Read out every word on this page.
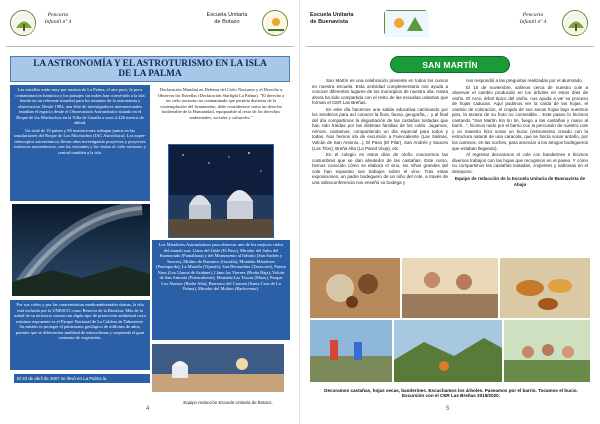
Pencarta
Infantil nº 4
Escuela Unitaria
de Botazo
LA ASTRONOMÍA Y EL ASTROTURISMO EN LA ISLA
DE LA PALMA
Las estrellas están muy por encima de La Palma, el aire puro, la poca contaminación lumínica y los paisajes sin nubes han convertido a la isla bonita en un referente mundial para los amantes de la astronomía y observación. Desde 1984, una élite de investigadores internacionales estudian el espacio desde el Observatorio Astronómico situado en el Roque de los Muchachos en la Villa de Garafía a unos 2.426 metros de altitud.
Un total de 19 países y 60 instituciones trabajan juntos en las instalaciones del Roque de Los Muchachos (IAC Astrofísica). Los super-telescopios astronómicos llevan años investigando proyectos y proyectos turísticos astronómicos, con los visitantes y las visitas al cielo nocturno y central también a la isla.
Declaración Mundial en Defensa del Cielo Nocturno y el Derecho a Observar las Estrellas (Declaración Starlight La Palma). "El derecho a un cielo nocturno no contaminado que permita disfrutar de la contemplación del firmamento, debe considerarse como un derecho inalienable de la Humanidad, equiparable al resto de los derechos ambientales, sociales y culturales."
Los Miradores Astronómicos para observar uno de los mejores cielos del mundo son: Llano del Jable (El Paso), Mirador del Salto del Enamorado (Puntallana) y del Monumento al Infinito (San Andrés y Sauces), Molino de Barranco (Garafía), Montaña Miradores (Puntagorda), La Muralla (Tijarafe), San Bernardino (Tazacorte), Puerto Naos (Los Llanos de Aridane), Llano los Viernes (Breña Baja), Volcán de San Antonio (Fuencaliente), Montaña Las Toscas (Mazo), Parque Los Alamos (Breña Alta), Barranco del Carmen (Santa Cruz de La Palma), Mirador del Molino (Barlovento).
Por sus cielos y por las características medioambientales únicas, la isla está incluida por la UNESCO como Reserva de la Biosfera. Más de la mitad de su territorio cuenta con algún tipo de protección ambiental cuyo máximo exponente es el Parque Nacional de La Caldera de Taburiente. Su misión es proteger el patrimonio geológico de millones de años, permite que se diferencien multitud de microclimas y sorprenda el gran contraste de vegetación.
El 20 de abril de 2007 se llevó en La Palma la
Equipo redacción Escuela Unitaria de Botazo.
4
Escuela Unitaria
de Buenavista
Pencarta
Infantil nº 4
SAN MARTÍN

San Martín es una celebración presente en todos los cursos en nuestra escuela. Esta actividad complementaria nos ayuda a conocer diferentes lugares de los municipios de nuestra isla. Hasta ahora ha sido compartida con el resto de las escuelas unitarias que forman el CER Las Breñas.

En este día hacemos una salida educativa caminando por los senderos para así conocer la flora, fauna, geografía,... y al final del día compartimos la degustación de las castañas tostadas que han sido traídas por las distintas familias de los colés. Jugamos, reímos, cantamos, compartiendo un día especial para todos y todas. Nos hemos ido de excursión a Fuencaliente (Las Salinas, Volcán de San Antonio...), El Paso (El Pilar), San Andrés y Sauces (Los Tilos), Breña Alta (La Pared Vieja), etc.

En el colegio en estos días de otoño conocemos las costumbres que se dan alrededor de las castañas. Este curso, hemos conocido cómo se elabora el vino, los niños grandes del cole han expuesto sus trabajos sobre el vino. Tras estas exposiciones, un padre bodeguero de un niño del cole, a través de una videoconferencia nos enseñó su bodega y

nos respondió a las preguntas realizadas por el alumnado.

El 10 de noviembre, salimos cerca de nuestro cole a observar el cambio producido en los árboles en estos días de otoño. El Arce, árbol típico del otoño, nos ayuda a ver su proceso de hojas caducas. Aquí pudimos ver la caída de las hojas, el cambio de coloración, el crujido de sus secas hojas bajo nuestros pies, la textura de su fruto no comestible... Este paseo lo hicimos cantando "San Martín trin tin tin, fuego a las castañas y mano al barril...", hicimos ruido por el barrio con la percusión de nuestro cole y un maestro hizo sonar un bucio (instrumento creado con la estructura natural de una caracola, que se hacía sonar antaño, por los caminos, en las noches, para anunciar a los amigos bodegueros que estaban llegando).

Al regresar decoramos el cole con banderines e hicimos diversos trabajos con las hojas que recogimos en el paseo. Y cómo no compartimos las castañas tostadas, crujientes y sabrosas en el desayuno.

Equipo de redacción de la Escuela Unitaria de Buenavista de Abajo

Decoramos castañas, hojas secas, banderines. Escuchamos los árboles. Paseamos por el barrio. Tocamos el bucio. Excursión con el CER Las Breñas 2019/2020.
5
